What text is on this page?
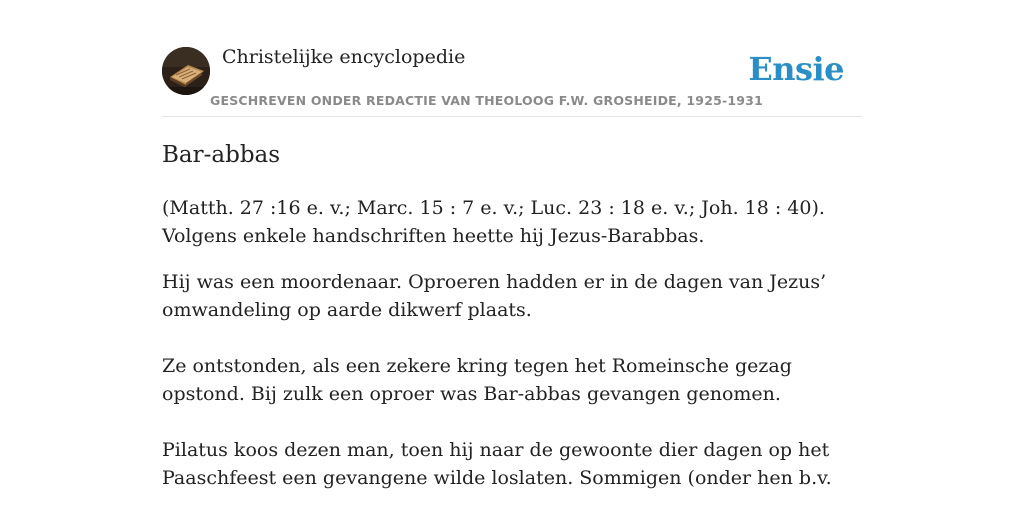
Christelijke encyclopedie
GESCHREVEN ONDER REDACTIE VAN THEOLOOG F.W. GROSHEIDE, 1925-1931
Ensie
Bar-abbas

(Matth. 27 :16 e. v.; Marc. 15 : 7 e. v.; Luc. 23 : 18 e. v.; Joh. 18 : 40). Volgens enkele handschriften heette hij Jezus-Barabbas.

Hij was een moordenaar. Oproeren hadden er in de dagen van Jezus’ omwandeling op aarde dikwerf plaats.

Ze ontstonden, als een zekere kring tegen het Romeinsche gezag opstond. Bij zulk een oproer was Bar-abbas gevangen genomen.

Pilatus koos dezen man, toen hij naar de gewoonte dier dagen op het Paaschfeest een gevangene wilde loslaten. Sommigen (onder hen b.v.
